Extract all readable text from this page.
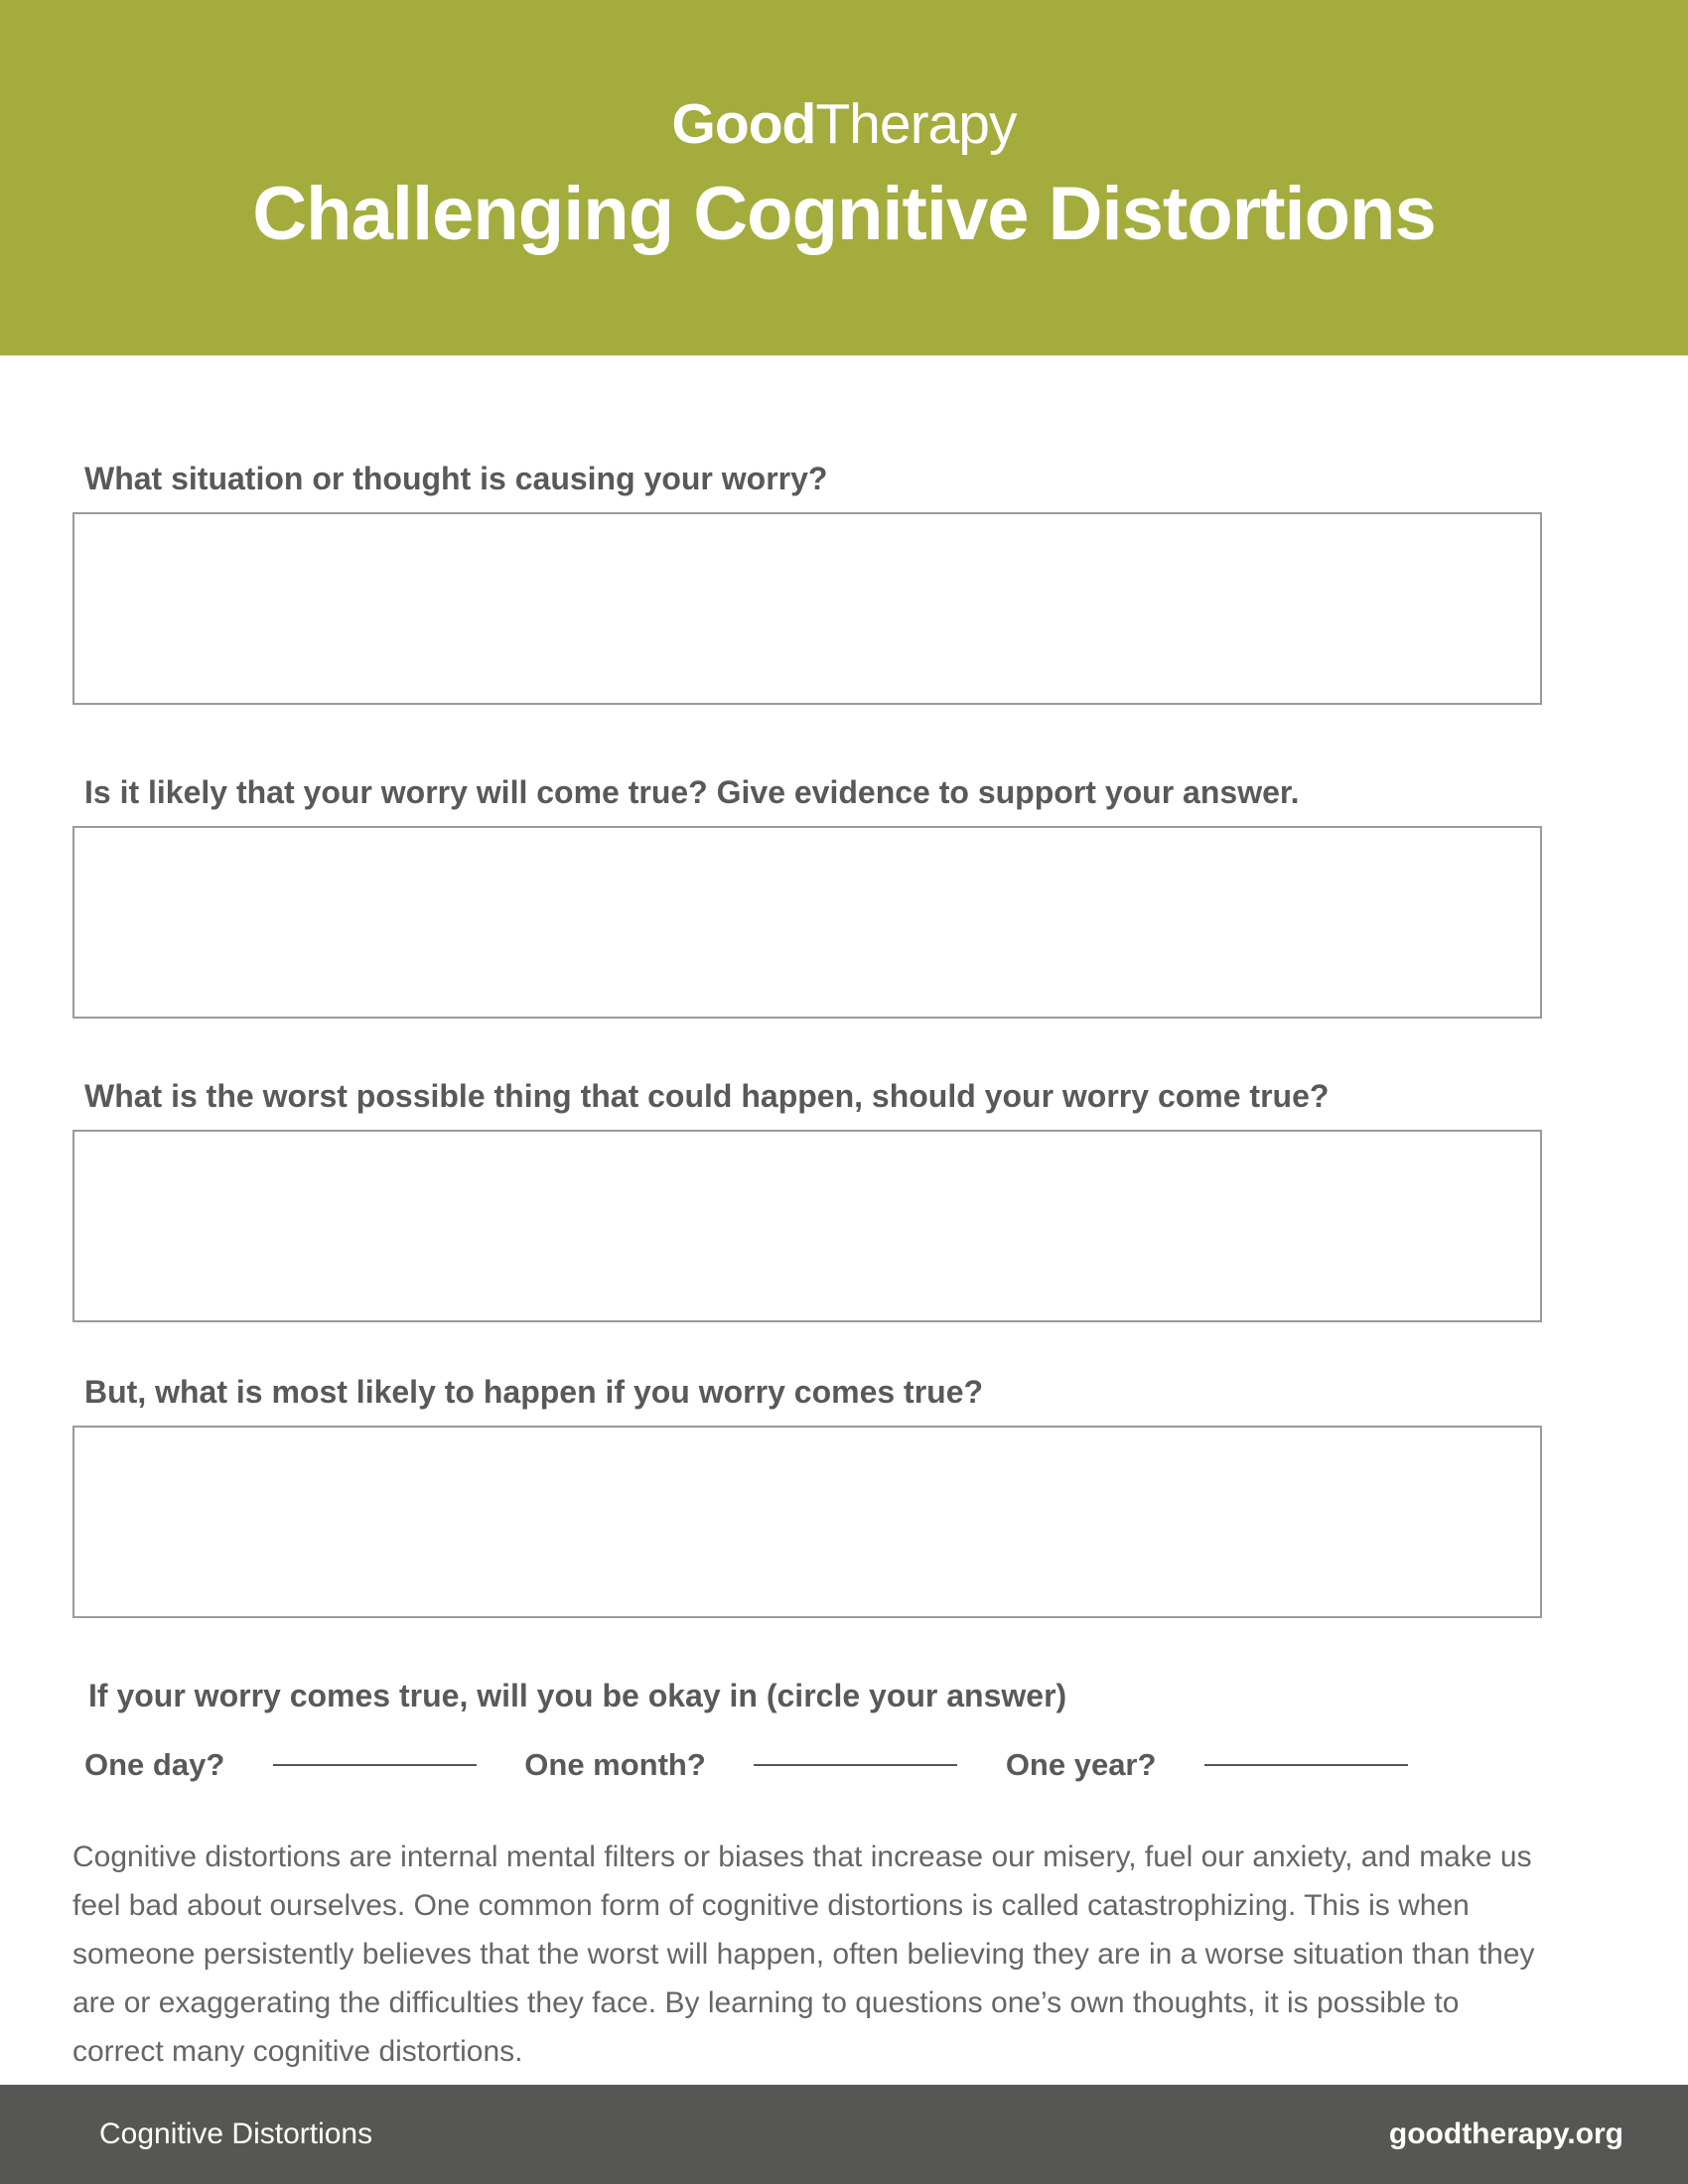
GoodTherapy
Challenging Cognitive Distortions
What situation or thought is causing your worry?
Is it likely that your worry will come true? Give evidence to support your answer.
What is the worst possible thing that could happen, should your worry come true?
But, what is most likely to happen if you worry comes true?
If your worry comes true, will you be okay in (circle your answer)
One day?	One month?	One year?
Cognitive distortions are internal mental filters or biases that increase our misery, fuel our anxiety, and make us feel bad about ourselves. One common form of cognitive distortions is called catastrophizing. This is when someone persistently believes that the worst will happen, often believing they are in a worse situation than they are or exaggerating the difficulties they face. By learning to questions one’s own thoughts, it is possible to correct many cognitive distortions.
Cognitive Distortions	goodtherapy.org
